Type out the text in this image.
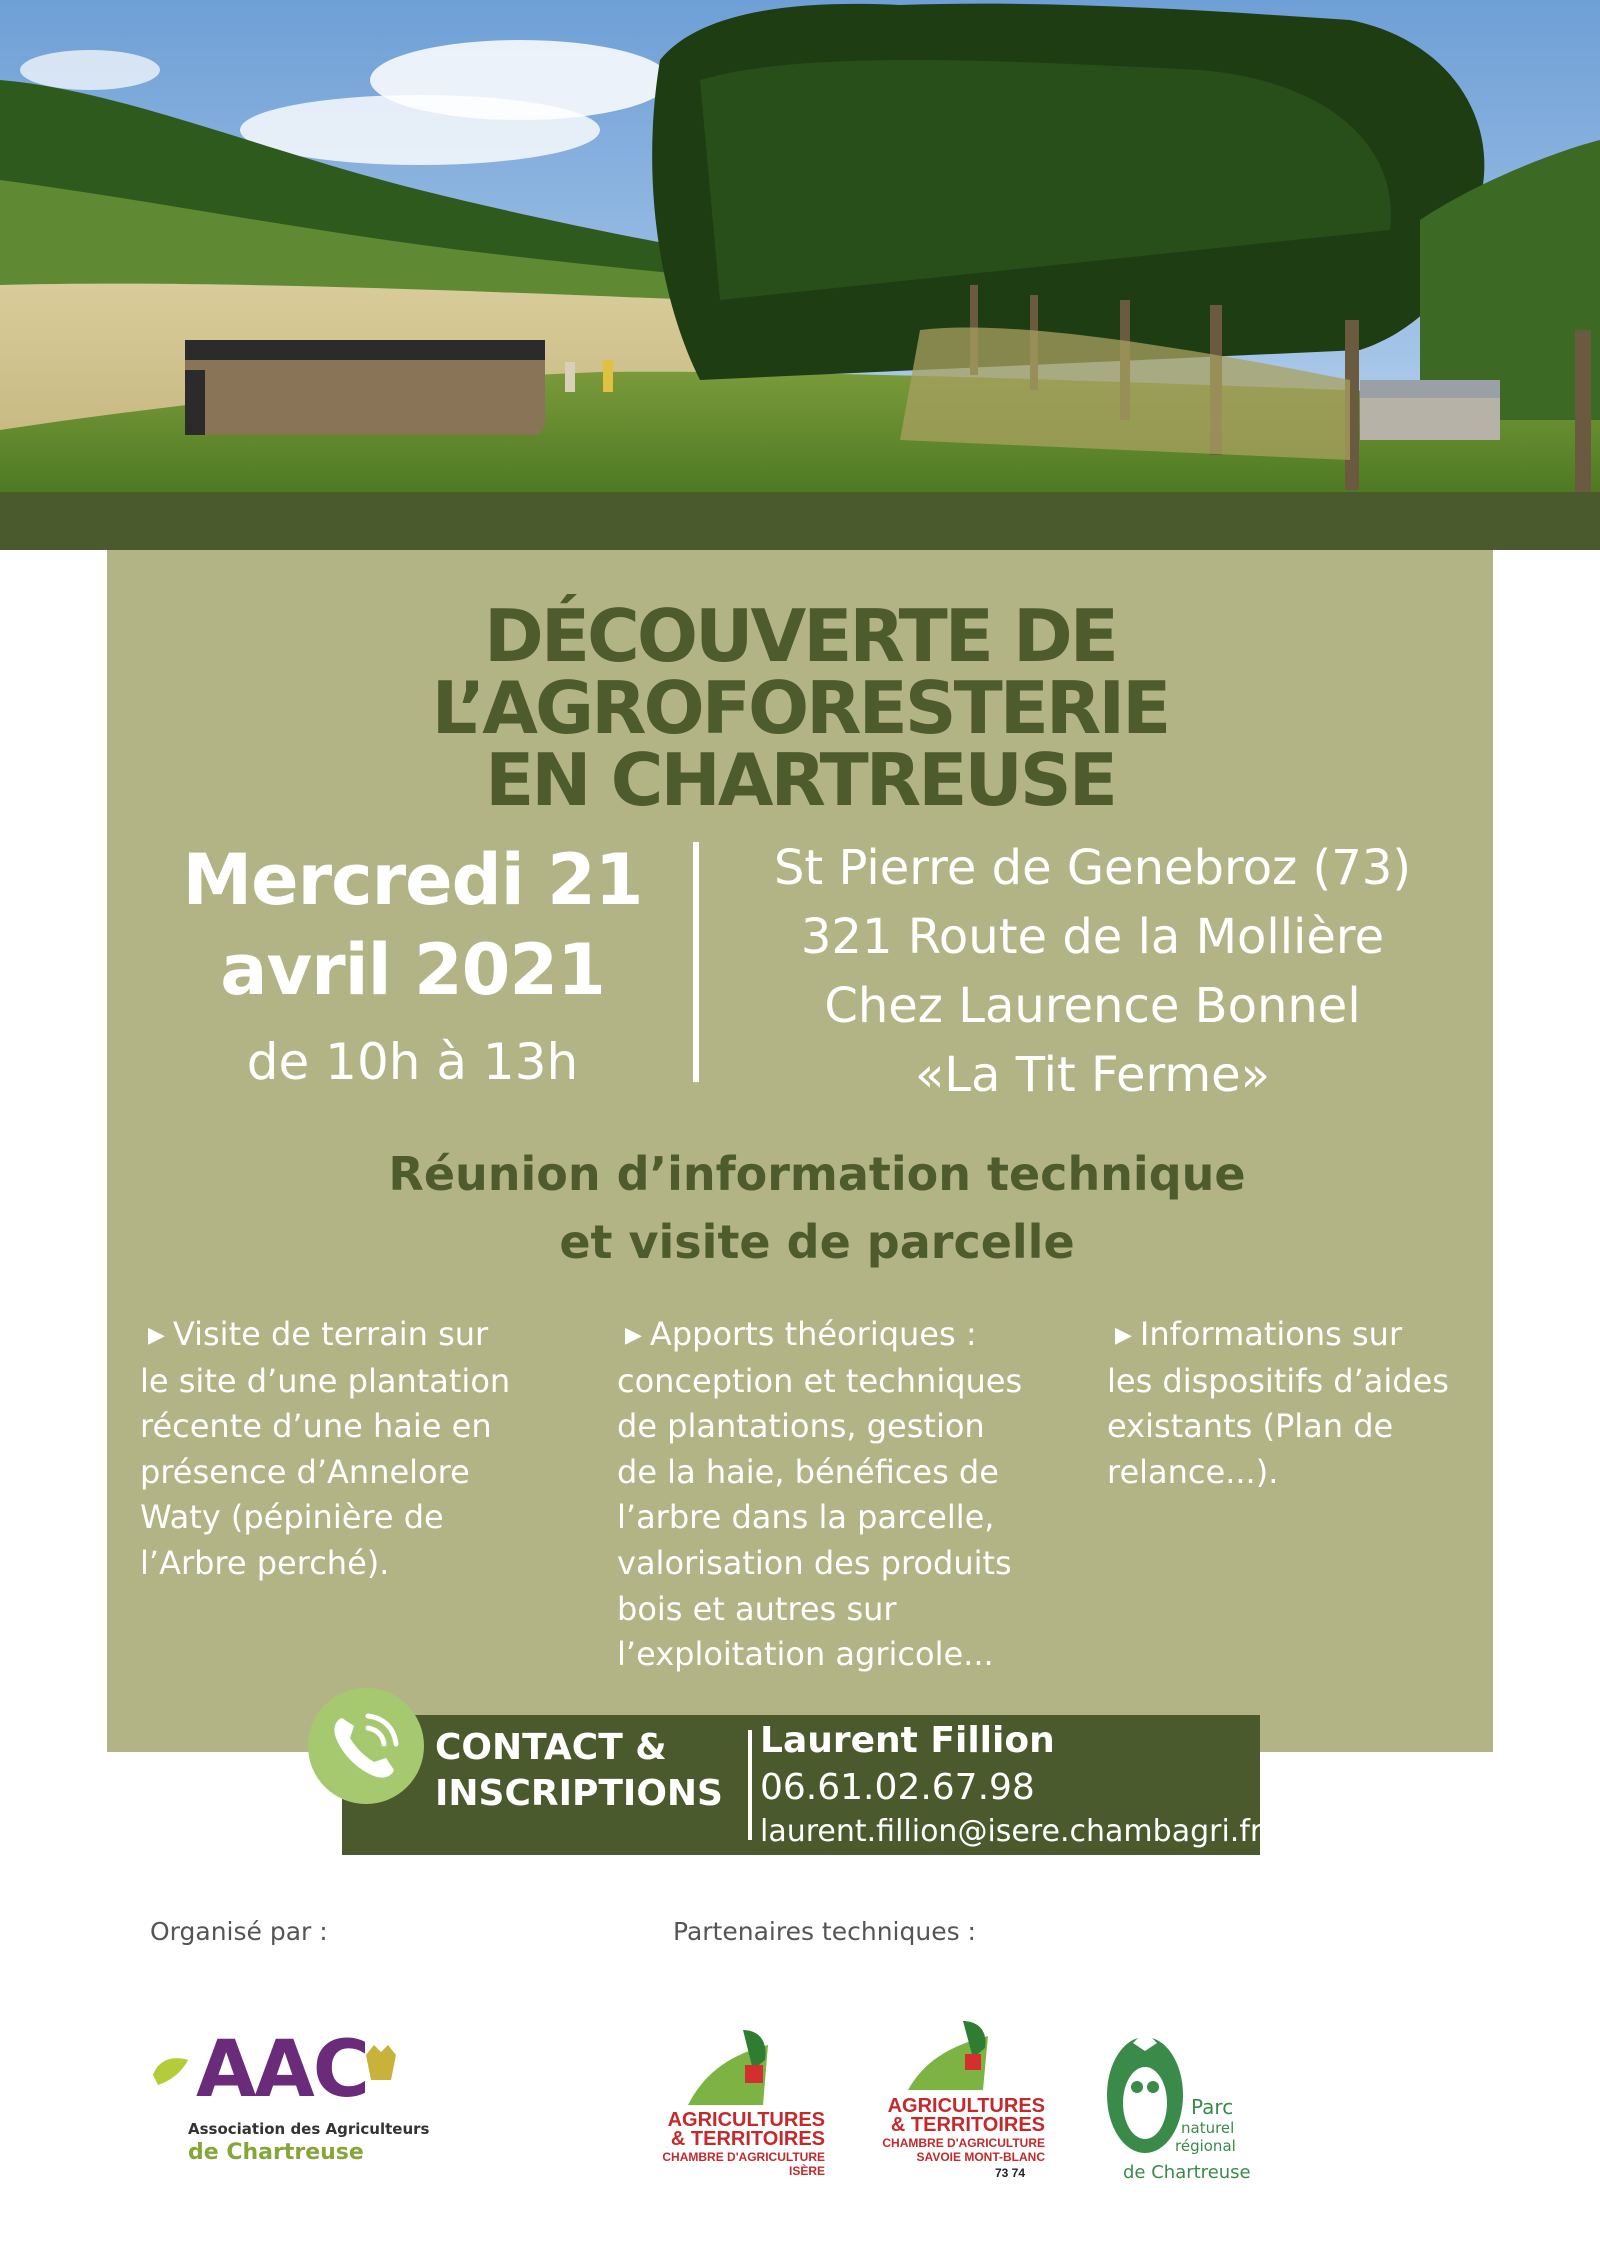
DÉCOUVERTE DE L’AGROFORESTERIE
EN CHARTREUSE
Mercredi 21
avril 2021
de 10h à 13h
St Pierre de Genebroz (73)
321 Route de la Mollière
Chez Laurence Bonnel
«La Tit Ferme»
Réunion d’information technique
et visite de parcelle
▶ Visite de terrain sur
le site d’une plantation
récente d’une haie en
présence d’Annelore
Waty (pépinière de
l’Arbre perché).
▶ Apports théoriques :
conception et techniques
de plantations, gestion
de la haie, bénéfices de
l’arbre dans la parcelle,
valorisation des produits
bois et autres sur
l’exploitation agricole...
▶ Informations sur
les dispositifs d’aides
existants (Plan de
relance...).
CONTACT &
INSCRIPTIONS
Laurent Fillion
06.61.02.67.98
laurent.fillion@isere.chambagri.fr
Organisé par :	Partenaires techniques :
AAC
Association des Agriculteurs
de Chartreuse
AGRICULTURES
& TERRITOIRES
CHAMBRE D'AGRICULTURE
ISÈRE
AGRICULTURES
& TERRITOIRES
CHAMBRE D'AGRICULTURE
SAVOIE MONT-BLANC
73 74
Parc
naturel
régional
de Chartreuse
